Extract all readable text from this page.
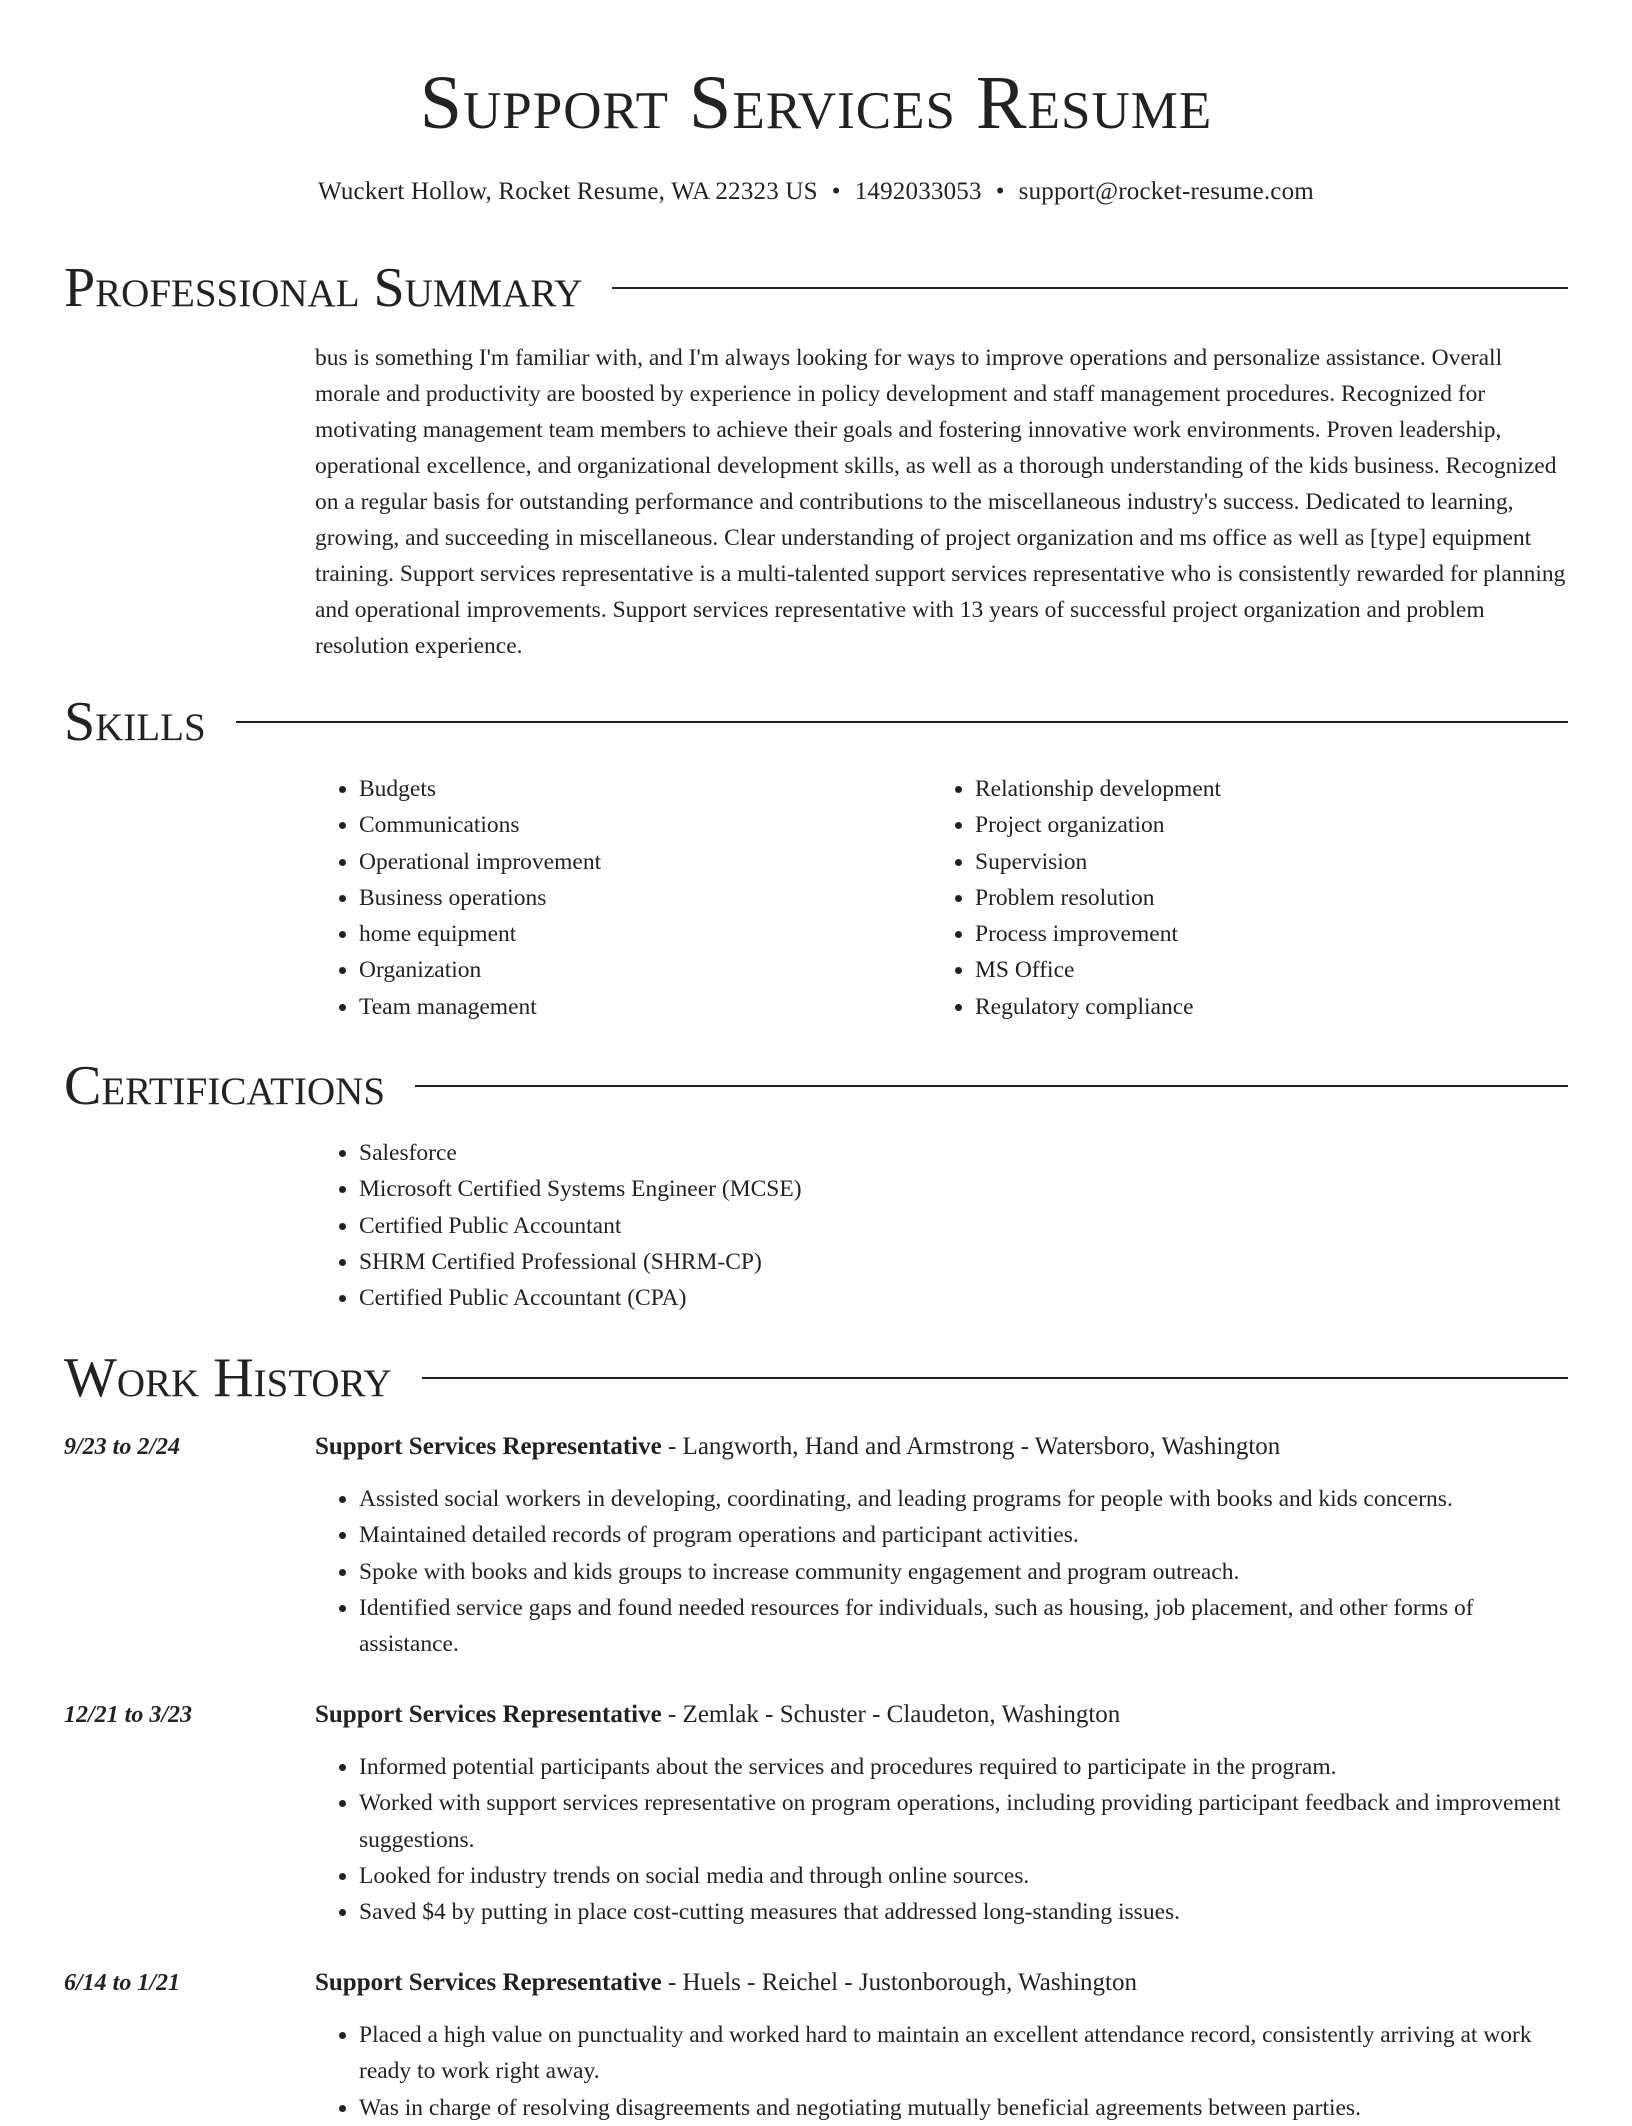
Support Services Resume
Wuckert Hollow, Rocket Resume, WA 22323 US • 1492033053 • support@rocket-resume.com
Professional Summary

bus is something I'm familiar with, and I'm always looking for ways to improve operations and personalize assistance. Overall morale and productivity are boosted by experience in policy development and staff management procedures. Recognized for motivating management team members to achieve their goals and fostering innovative work environments. Proven leadership, operational excellence, and organizational development skills, as well as a thorough understanding of the kids business. Recognized on a regular basis for outstanding performance and contributions to the miscellaneous industry's success. Dedicated to learning, growing, and succeeding in miscellaneous. Clear understanding of project organization and ms office as well as [type] equipment training. Support services representative is a multi-talented support services representative who is consistently rewarded for planning and operational improvements. Support services representative with 13 years of successful project organization and problem resolution experience.

Skills
• Budgets
• Communications
• Operational improvement
• Business operations
• home equipment
• Organization
• Team management
• Relationship development
• Project organization
• Supervision
• Problem resolution
• Process improvement
• MS Office
• Regulatory compliance
Certifications
• Salesforce
• Microsoft Certified Systems Engineer (MCSE)
• Certified Public Accountant
• SHRM Certified Professional (SHRM-CP)
• Certified Public Accountant (CPA)
Work History
9/23 to 2/24	Support Services Representative - Langworth, Hand and Armstrong - Watersboro, Washington
• Assisted social workers in developing, coordinating, and leading programs for people with books and kids concerns.
• Maintained detailed records of program operations and participant activities.
• Spoke with books and kids groups to increase community engagement and program outreach.
• Identified service gaps and found needed resources for individuals, such as housing, job placement, and other forms of assistance.
12/21 to 3/23	Support Services Representative - Zemlak - Schuster - Claudeton, Washington
• Informed potential participants about the services and procedures required to participate in the program.
• Worked with support services representative on program operations, including providing participant feedback and improvement suggestions.
• Looked for industry trends on social media and through online sources.
• Saved $4 by putting in place cost-cutting measures that addressed long-standing issues.
6/14 to 1/21	Support Services Representative - Huels - Reichel - Justonborough, Washington
• Placed a high value on punctuality and worked hard to maintain an excellent attendance record, consistently arriving at work ready to work right away.
• Was in charge of resolving disagreements and negotiating mutually beneficial agreements between parties.
